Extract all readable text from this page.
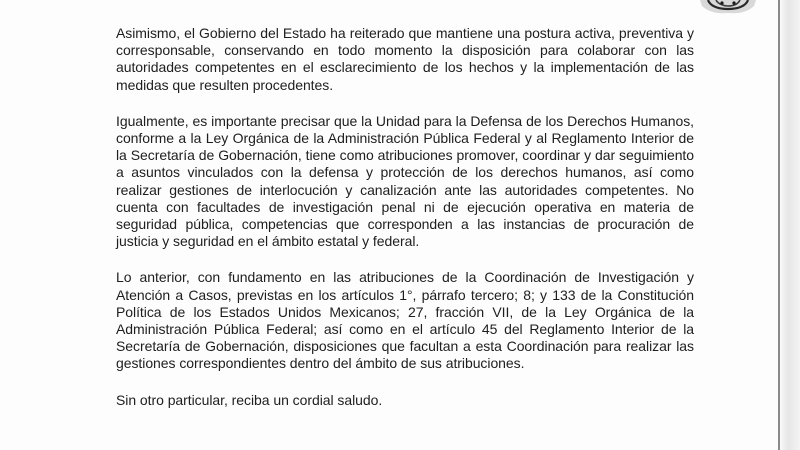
Asimismo, el Gobierno del Estado ha reiterado que mantiene una postura activa, preventiva y corresponsable, conservando en todo momento la disposición para colaborar con las autoridades competentes en el esclarecimiento de los hechos y la implementación de las medidas que resulten procedentes.

Igualmente, es importante precisar que la Unidad para la Defensa de los Derechos Humanos, conforme a la Ley Orgánica de la Administración Pública Federal y al Reglamento Interior de la Secretaría de Gobernación, tiene como atribuciones promover, coordinar y dar seguimiento a asuntos vinculados con la defensa y protección de los derechos humanos, así como realizar gestiones de interlocución y canalización ante las autoridades competentes. No cuenta con facultades de investigación penal ni de ejecución operativa en materia de seguridad pública, competencias que corresponden a las instancias de procuración de justicia y seguridad en el ámbito estatal y federal.

Lo anterior, con fundamento en las atribuciones de la Coordinación de Investigación y Atención a Casos, previstas en los artículos 1°, párrafo tercero; 8; y 133 de la Constitución Política de los Estados Unidos Mexicanos; 27, fracción VII, de la Ley Orgánica de la Administración Pública Federal; así como en el artículo 45 del Reglamento Interior de la Secretaría de Gobernación, disposiciones que facultan a esta Coordinación para realizar las gestiones correspondientes dentro del ámbito de sus atribuciones.

Sin otro particular, reciba un cordial saludo.
